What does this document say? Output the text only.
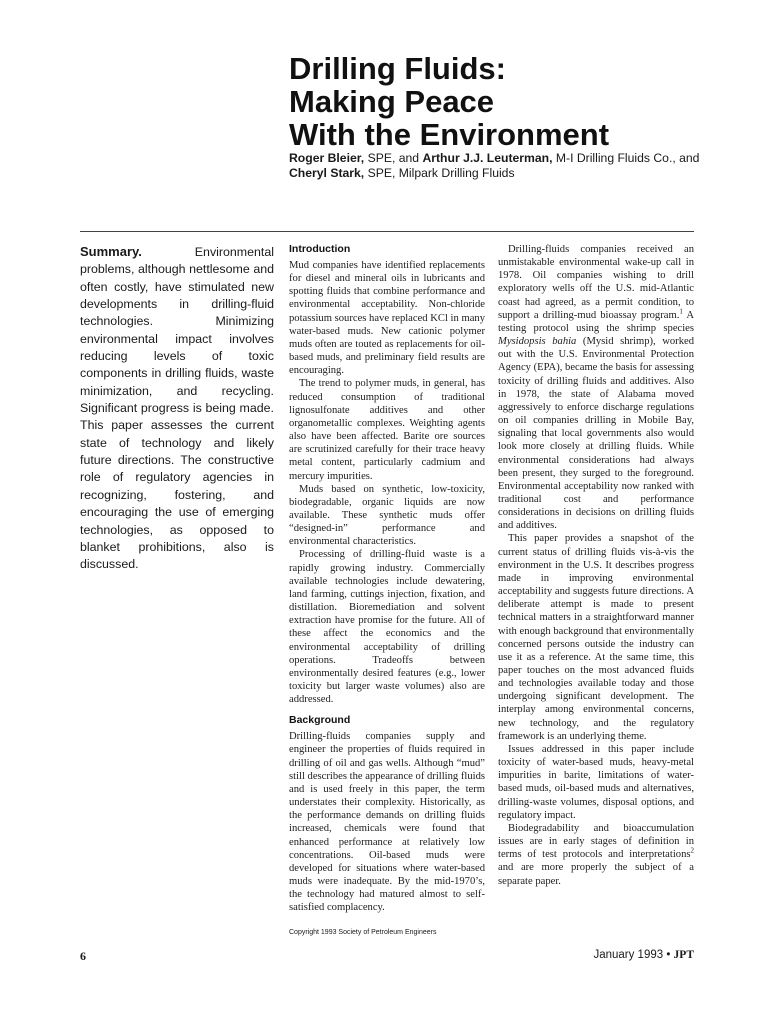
Drilling Fluids:
Making Peace
With the Environment

Roger Bleier, SPE, and Arthur J.J. Leuterman, M-I Drilling Fluids Co., and Cheryl Stark, SPE, Milpark Drilling Fluids

Summary. Environmental problems, although nettlesome and often costly, have stimulated new developments in drilling-fluid technologies. Minimizing environmental impact involves reducing levels of toxic components in drilling fluids, waste minimization, and recycling. Significant progress is being made. This paper assesses the current state of technology and likely future directions. The constructive role of regulatory agencies in recognizing, fostering, and encouraging the use of emerging technologies, as opposed to blanket prohibitions, also is discussed.

Introduction

Mud companies have identified replacements for diesel and mineral oils in lubricants and spotting fluids that combine performance and environmental acceptability. Non-chloride potassium sources have replaced KCl in many water-based muds. New cationic polymer muds often are touted as replacements for oil-based muds, and preliminary field results are encouraging.

The trend to polymer muds, in general, has reduced consumption of traditional lignosulfonate additives and other organometallic complexes. Weighting agents also have been affected. Barite ore sources are scrutinized carefully for their trace heavy metal content, particularly cadmium and mercury impurities.

Muds based on synthetic, low-toxicity, biodegradable, organic liquids are now available. These synthetic muds offer “designed-in” performance and environmental characteristics.

Processing of drilling-fluid waste is a rapidly growing industry. Commercially available technologies include dewatering, land farming, cuttings injection, fixation, and distillation. Bioremediation and solvent extraction have promise for the future. All of these affect the economics and the environmental acceptability of drilling operations. Tradeoffs between environmentally desired features (e.g., lower toxicity but larger waste volumes) also are addressed.

Background

Drilling-fluids companies supply and engineer the properties of fluids required in drilling of oil and gas wells. Although “mud” still describes the appearance of drilling fluids and is used freely in this paper, the term understates their complexity. Historically, as the performance demands on drilling fluids increased, chemicals were found that enhanced performance at relatively low concentrations. Oil-based muds were developed for situations where water-based muds were inadequate. By the mid-1970’s, the technology had matured almost to self-satisfied complacency.

Drilling-fluids companies received an unmistakable environmental wake-up call in 1978. Oil companies wishing to drill exploratory wells off the U.S. mid-Atlantic coast had agreed, as a permit condition, to support a drilling-mud bioassay program.$^1$ A testing protocol using the shrimp species Mysidopsis bahia (Mysid shrimp), worked out with the U.S. Environmental Protection Agency (EPA), became the basis for assessing toxicity of drilling fluids and additives. Also in 1978, the state of Alabama moved aggressively to enforce discharge regulations on oil companies drilling in Mobile Bay, signaling that local governments also would look more closely at drilling fluids. While environmental considerations had always been present, they surged to the foreground. Environmental acceptability now ranked with traditional cost and performance considerations in decisions on drilling fluids and additives.

This paper provides a snapshot of the current status of drilling fluids vis-à-vis the environment in the U.S. It describes progress made in improving environmental acceptability and suggests future directions. A deliberate attempt is made to present technical matters in a straightforward manner with enough background that environmentally concerned persons outside the industry can use it as a reference. At the same time, this paper touches on the most advanced fluids and technologies available today and those undergoing significant development. The interplay among environmental concerns, new technology, and the regulatory framework is an underlying theme.

Issues addressed in this paper include toxicity of water-based muds, heavy-metal impurities in barite, limitations of water-based muds, oil-based muds and alternatives, drilling-waste volumes, disposal options, and regulatory impact.

Biodegradability and bioaccumulation issues are in early stages of definition in terms of test protocols and interpretations$^2$ and are more properly the subject of a separate paper.

Copyright 1993 Society of Petroleum Engineers

6	January 1993 • JPT
